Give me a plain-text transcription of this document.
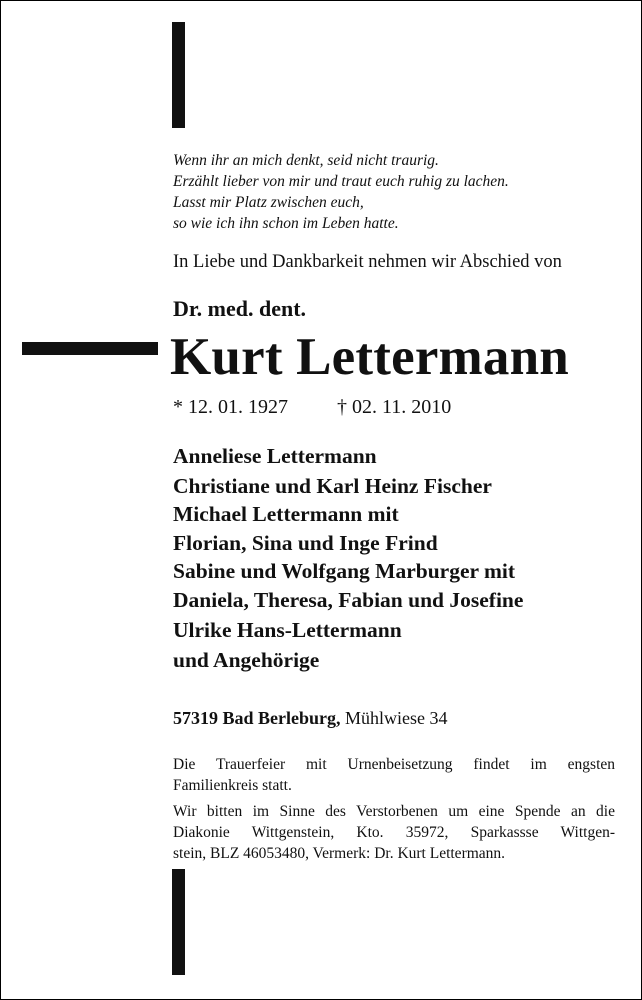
Wenn ihr an mich denkt, seid nicht traurig.
Erzählt lieber von mir und traut euch ruhig zu lachen.
Lasst mir Platz zwischen euch,
so wie ich ihn schon im Leben hatte.

In Liebe und Dankbarkeit nehmen wir Abschied von

Dr. med. dent.

Kurt Lettermann

* 12. 01. 1927 † 02. 11. 2010

Anneliese Lettermann
Christiane und Karl Heinz Fischer
Michael Lettermann mit
Florian, Sina und Inge Frind
Sabine und Wolfgang Marburger mit
Daniela, Theresa, Fabian und Josefine
Ulrike Hans-Lettermann
und Angehörige

57319 Bad Berleburg, Mühlwiese 34

Die Trauerfeier mit Urnenbeisetzung findet im engsten
Familienkreis statt.

Wir bitten im Sinne des Verstorbenen um eine Spende an die
Diakonie Wittgenstein, Kto. 35972, Sparkassse Wittgen-
stein, BLZ 46053480, Vermerk: Dr. Kurt Lettermann.
